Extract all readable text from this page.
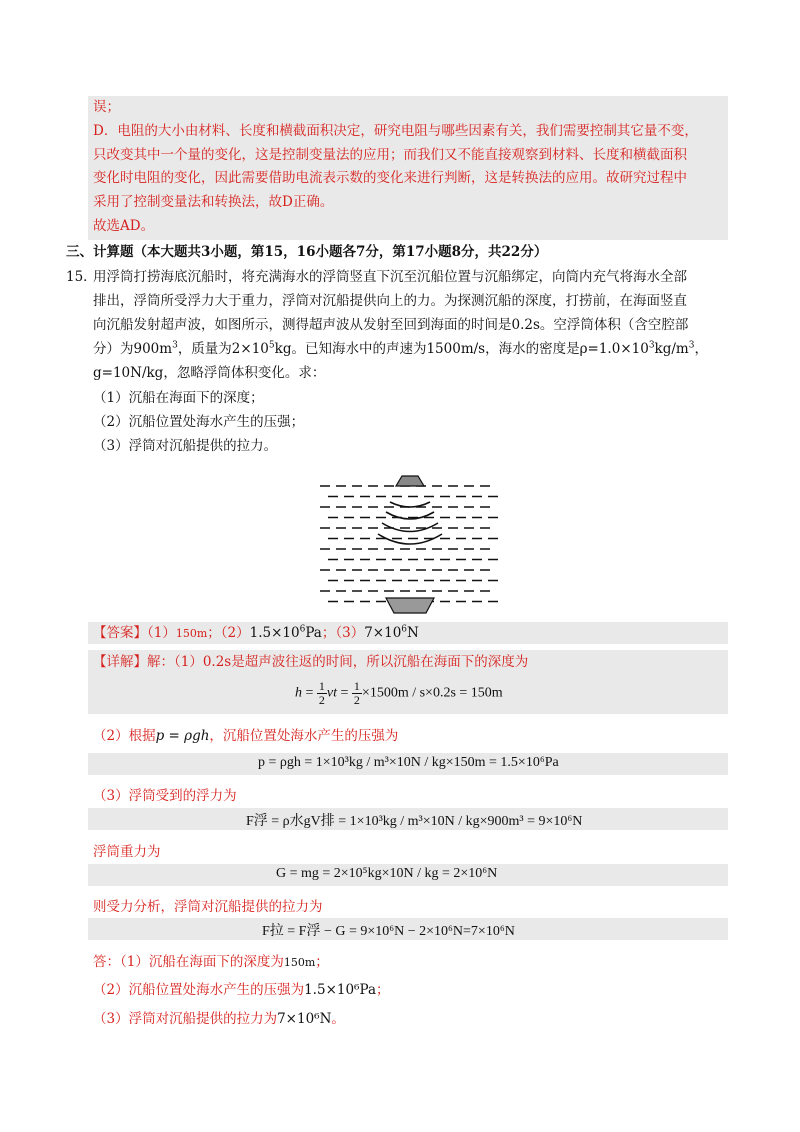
误；
D．电阻的大小由材料、长度和横截面积决定，研究电阻与哪些因素有关，我们需要控制其它量不变，
只改变其中一个量的变化，这是控制变量法的应用；而我们又不能直接观察到材料、长度和横截面积
变化时电阻的变化，因此需要借助电流表示数的变化来进行判断，这是转换法的应用。故研究过程中
采用了控制变量法和转换法，故D正确。
故选AD。
三、计算题（本大题共3小题，第15，16小题各7分，第17小题8分，共22分）
15．
用浮筒打捞海底沉船时，将充满海水的浮筒竖直下沉至沉船位置与沉船绑定，向筒内充气将海水全部
排出，浮筒所受浮力大于重力，浮筒对沉船提供向上的力。为探测沉船的深度，打捞前，在海面竖直
向沉船发射超声波，如图所示，测得超声波从发射至回到海面的时间是0.2s。空浮筒体积（含空腔部
分）为$900m^3$，质量为$2\times 10^5kg$。已知海水中的声速为1500m/s，海水的密度是$\rho=1.0\times 10^3kg/m^3$，
g=10N/kg，忽略浮筒体积变化。求：
（1）沉船在海面下的深度；
（2）沉船位置处海水产生的压强；
（3）浮筒对沉船提供的拉力。
【答案】（1）150m；$(2)1.5\times 10^6Pa$；$(3)7\times 10^6N$
【详解】解：（1）0.2s是超声波往返的时间，所以沉船在海面下的深度为
$h = \frac{1}{2}$ vt = $\frac{1}{2} \times 1500m / s\times 0.2s = 150m$
（2）根据p = ρgh，沉船位置处海水产生的压强为
p = ρgh = 1×10³kg / m³×10N / kg×150m = 1.5×10⁶Pa
（3）浮筒受到的浮力为
F浮 = ρ水gV排 = 1×10³kg / m³×10N / kg×900m³ = 9×10⁶N
浮筒重力为
G = mg = 2×10⁵kg×10N / kg = 2×10⁶N
则受力分析，浮筒对沉船提供的拉力为
F拉 = F浮 − G = 9×10⁶N − 2×10⁶N=7×10⁶N
答：（1）沉船在海面下的深度为150m；
（2）沉船位置处海水产生的压强为1.5×10⁶Pa；
（3）浮筒对沉船提供的拉力为7×10⁶N。
